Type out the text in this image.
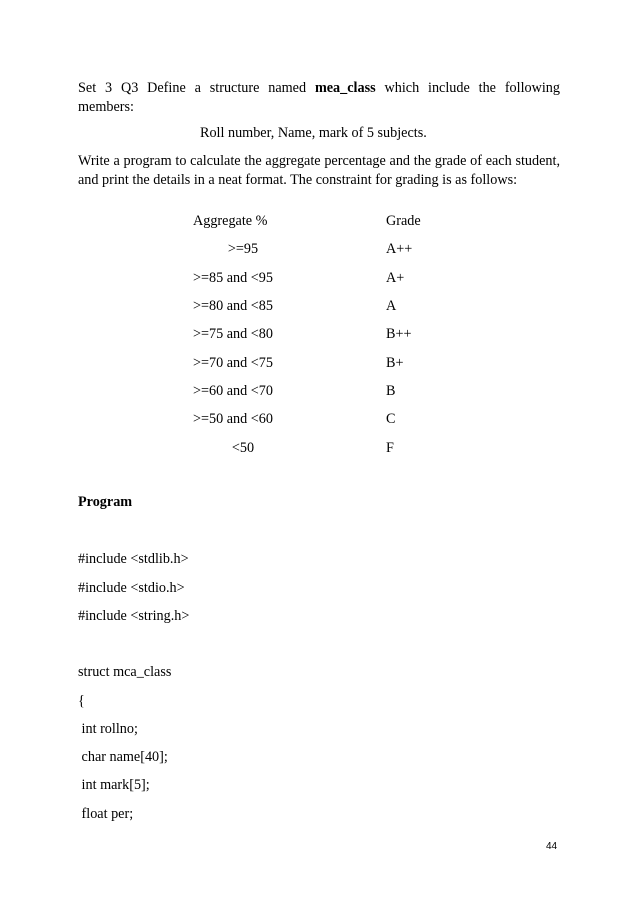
Set 3 Q3 Define a structure named mea_class which include the following members:
Roll number, Name, mark of 5 subjects.
Write a program to calculate the aggregate percentage and the grade of each student, and print the details in a neat format. The constraint for grading is as follows:
Aggregate %	Grade
>=95	A++
>=85 and <95	A+
>=80 and <85	A
>=75 and <80	B++
>=70 and <75	B+
>=60 and <70	B
>=50 and <60	C
<50	F
Program
#include <stdlib.h>
#include <stdio.h>
#include <string.h>
struct mca_class
{
int rollno;
char name[40];
int mark[5];
float per;
44
